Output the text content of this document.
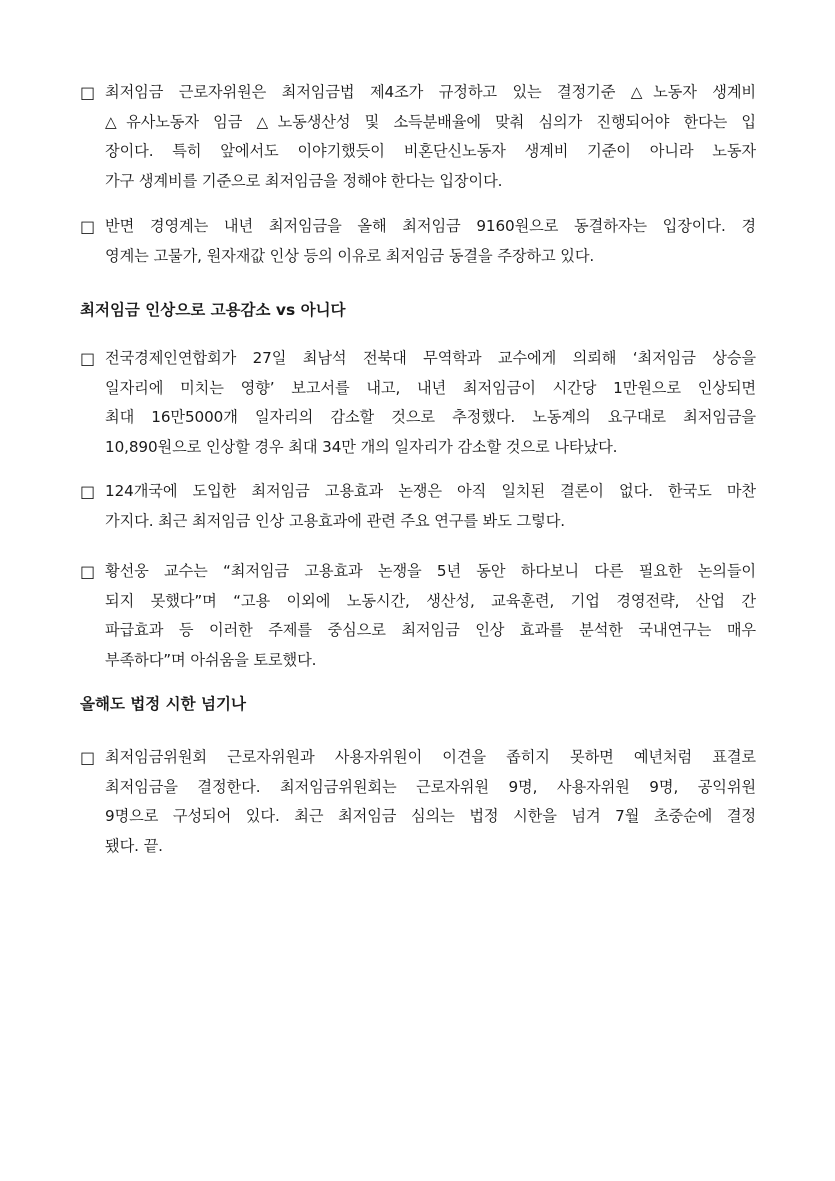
□ 최저임금 근로자위원은 최저임금법 제4조가 규정하고 있는 결정기준 △노동자 생계비
△유사노동자 임금 △노동생산성 및 소득분배율에 맞춰 심의가 진행되어야 한다는 입
장이다. 특히 앞에서도 이야기했듯이 비혼단신노동자 생계비 기준이 아니라 노동자
가구 생계비를 기준으로 최저임금을 정해야 한다는 입장이다.
□ 반면 경영계는 내년 최저임금을 올해 최저임금 9160원으로 동결하자는 입장이다. 경
영계는 고물가, 원자재값 인상 등의 이유로 최저임금 동결을 주장하고 있다.
최저임금 인상으로 고용감소 vs 아니다
□ 전국경제인연합회가 27일 최남석 전북대 무역학과 교수에게 의뢰해 ‘최저임금 상승을
일자리에 미치는 영향’ 보고서를 내고, 내년 최저임금이 시간당 1만원으로 인상되면
최대 16만5000개 일자리의 감소할 것으로 추정했다. 노동계의 요구대로 최저임금을
10,890원으로 인상할 경우 최대 34만 개의 일자리가 감소할 것으로 나타났다.
□ 124개국에 도입한 최저임금 고용효과 논쟁은 아직 일치된 결론이 없다. 한국도 마찬
가지다. 최근 최저임금 인상 고용효과에 관련 주요 연구를 봐도 그렇다.
□ 황선웅 교수는 “최저임금 고용효과 논쟁을 5년 동안 하다보니 다른 필요한 논의들이
되지 못했다”며 “고용 이외에 노동시간, 생산성, 교육훈련, 기업 경영전략, 산업 간
파급효과 등 이러한 주제를 중심으로 최저임금 인상 효과를 분석한 국내연구는 매우
부족하다”며 아쉬움을 토로했다.
올해도 법정 시한 넘기나
□ 최저임금위원회 근로자위원과 사용자위원이 이견을 좁히지 못하면 예년처럼 표결로
최저임금을 결정한다. 최저임금위원회는 근로자위원 9명, 사용자위원 9명, 공익위원
9명으로 구성되어 있다. 최근 최저임금 심의는 법정 시한을 넘겨 7월 초중순에 결정
됐다. 끝.
